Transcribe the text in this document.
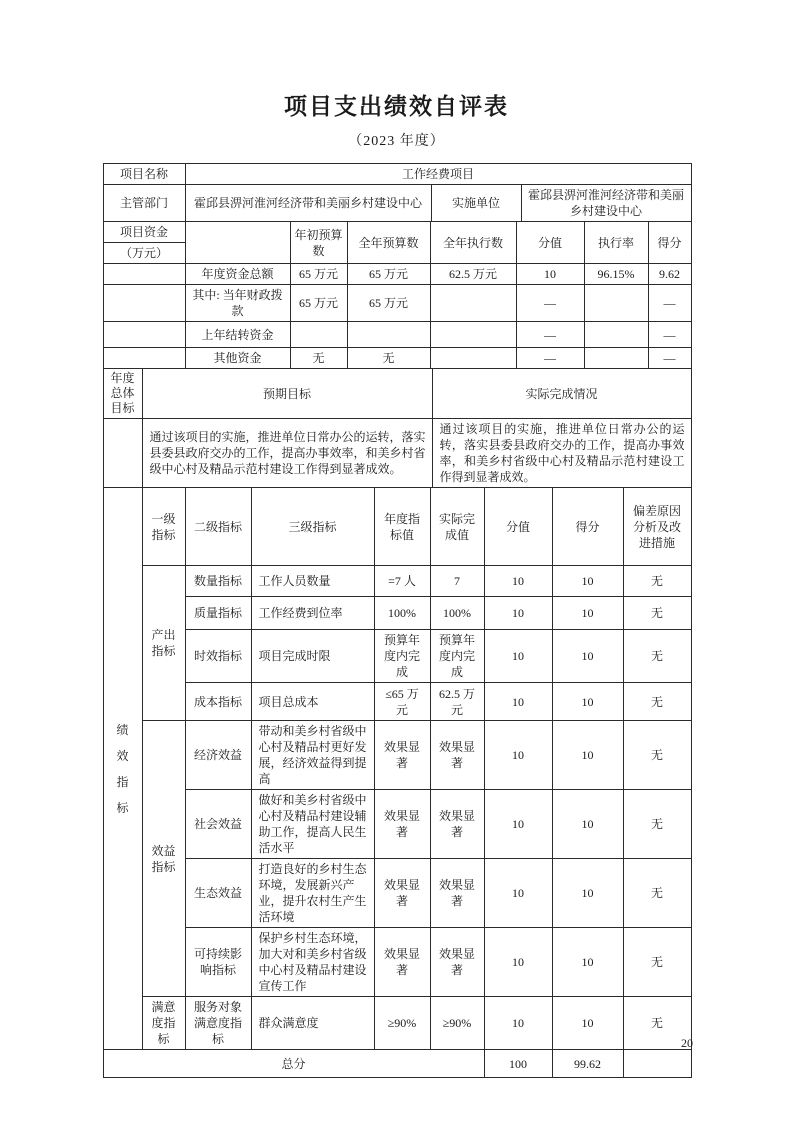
项目支出绩效自评表
（2023 年度）
项目名称	工作经费项目		
主管部门	霍邱县淠河淮河经济带和美丽乡村建设中心	实施单位	霍邱县淠河淮河经济带和美丽乡村建设中心
项目资金		年初预算数	全年预算数	全年执行数	分值	执行率	得分
（万元）							
	年度资金总额	65 万元	65 万元	62.5 万元	10	96.15%	9.62
	其中: 当年财政拨款	65 万元	65 万元		—		—
	上年结转资金				—		—
	其他资金	无	无		—		—
年度总体目标	预期目标	实际完成情况
	通过该项目的实施，推进单位日常办公的运转，落实县委县政府交办的工作，提高办事效率，和美乡村省级中心村及精品示范村建设工作得到显著成效。	通过该项目的实施，推进单位日常办公的运转，落实县委县政府交办的工作，提高办事效率，和美乡村省级中心村及精品示范村建设工作得到显著成效。
绩效指标	一级指标	二级指标	三级指标	年度指标值	实际完成值	分值	得分	偏差原因分析及改进措施
	产出指标	数量指标	工作人员数量	=7 人	7	10	10	无
		质量指标	工作经费到位率	100%	100%	10	10	无
		时效指标	项目完成时限	预算年度内完成	预算年度内完成	10	10	无
		成本指标	项目总成本	≤65 万元	62.5 万元	10	10	无
	效益指标	经济效益	带动和美乡村省级中心村及精品村更好发展，经济效益得到提高	效果显著	效果显著	10	10	无
		社会效益	做好和美乡村省级中心村及精品村建设辅助工作，提高人民生活水平	效果显著	效果显著	10	10	无
		生态效益	打造良好的乡村生态环境，发展新兴产业，提升农村生产生活环境	效果显著	效果显著	10	10	无
		可持续影响指标	保护乡村生态环境，加大对和美乡村省级中心村及精品村建设宣传工作	效果显著	效果显著	10	10	无
	满意度指标	服务对象满意度指标	群众满意度	≥90%	≥90%	10	10	无
总分	100	99.62	
20
